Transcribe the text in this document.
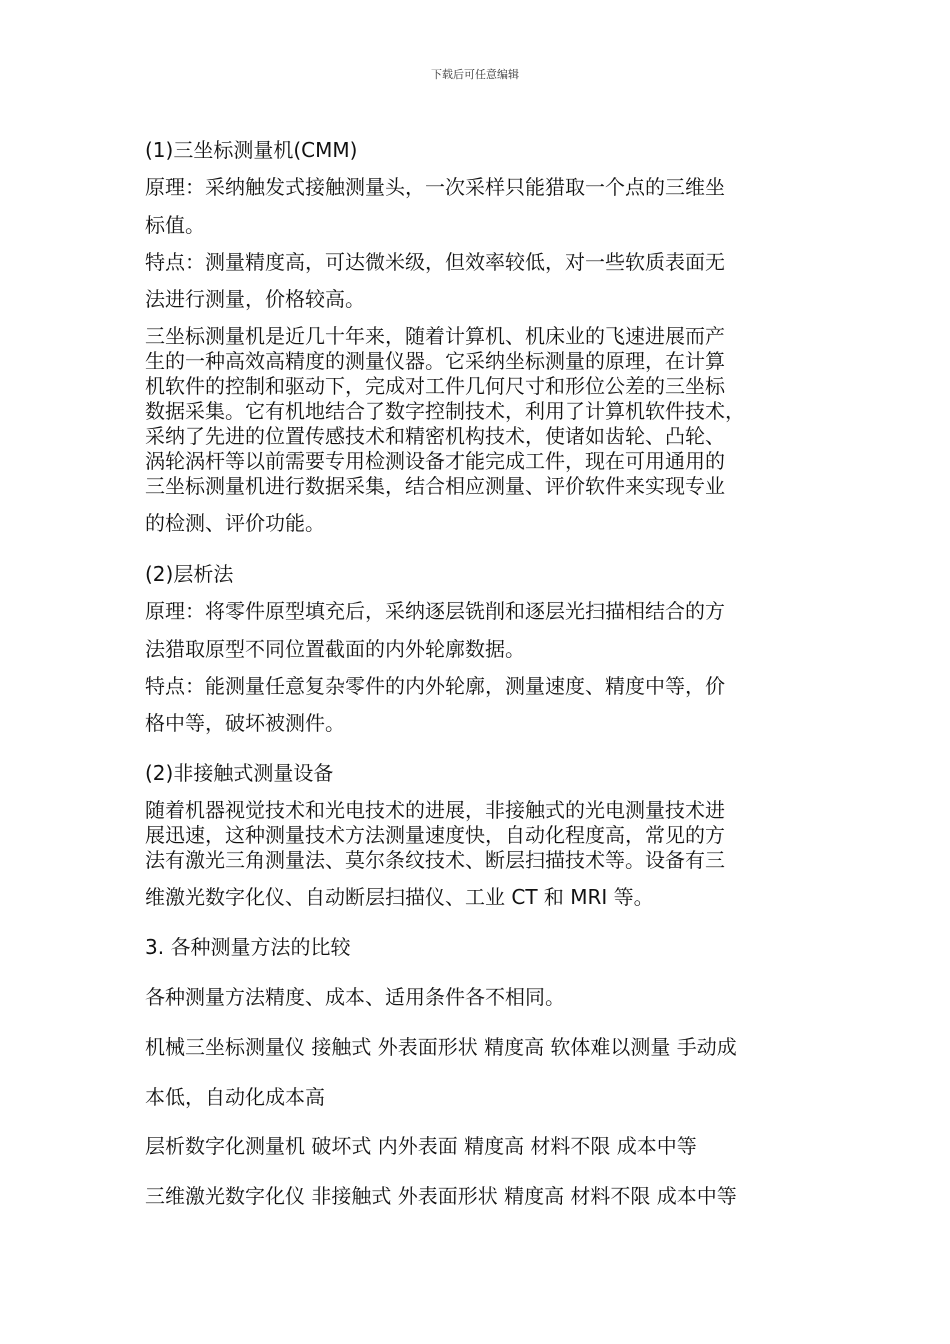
下载后可任意编辑
(1)三坐标测量机(CMM)
原理：采纳触发式接触测量头，一次采样只能猎取一个点的三维坐
标值。
特点：测量精度高，可达微米级，但效率较低，对一些软质表面无
法进行测量，价格较高。
三坐标测量机是近几十年来，随着计算机、机床业的飞速进展而产
生的一种高效高精度的测量仪器。它采纳坐标测量的原理，在计算
机软件的控制和驱动下，完成对工件几何尺寸和形位公差的三坐标
数据采集。它有机地结合了数字控制技术，利用了计算机软件技术，
采纳了先进的位置传感技术和精密机构技术，使诸如齿轮、凸轮、
涡轮涡杆等以前需要专用检测设备才能完成工件，现在可用通用的
三坐标测量机进行数据采集，结合相应测量、评价软件来实现专业
的检测、评价功能。
(2)层析法
原理：将零件原型填充后，采纳逐层铣削和逐层光扫描相结合的方
法猎取原型不同位置截面的内外轮廓数据。
特点：能测量任意复杂零件的内外轮廓，测量速度、精度中等，价
格中等，破坏被测件。
(2)非接触式测量设备
随着机器视觉技术和光电技术的进展，非接触式的光电测量技术进
展迅速，这种测量技术方法测量速度快，自动化程度高，常见的方
法有激光三角测量法、莫尔条纹技术、断层扫描技术等。设备有三
维激光数字化仪、自动断层扫描仪、工业 CT 和 MRI 等。
3. 各种测量方法的比较
各种测量方法精度、成本、适用条件各不相同。
机械三坐标测量仪 接触式 外表面形状 精度高 软体难以测量 手动成
本低，自动化成本高
层析数字化测量机 破坏式 内外表面 精度高 材料不限 成本中等
三维激光数字化仪 非接触式 外表面形状 精度高 材料不限 成本中等
